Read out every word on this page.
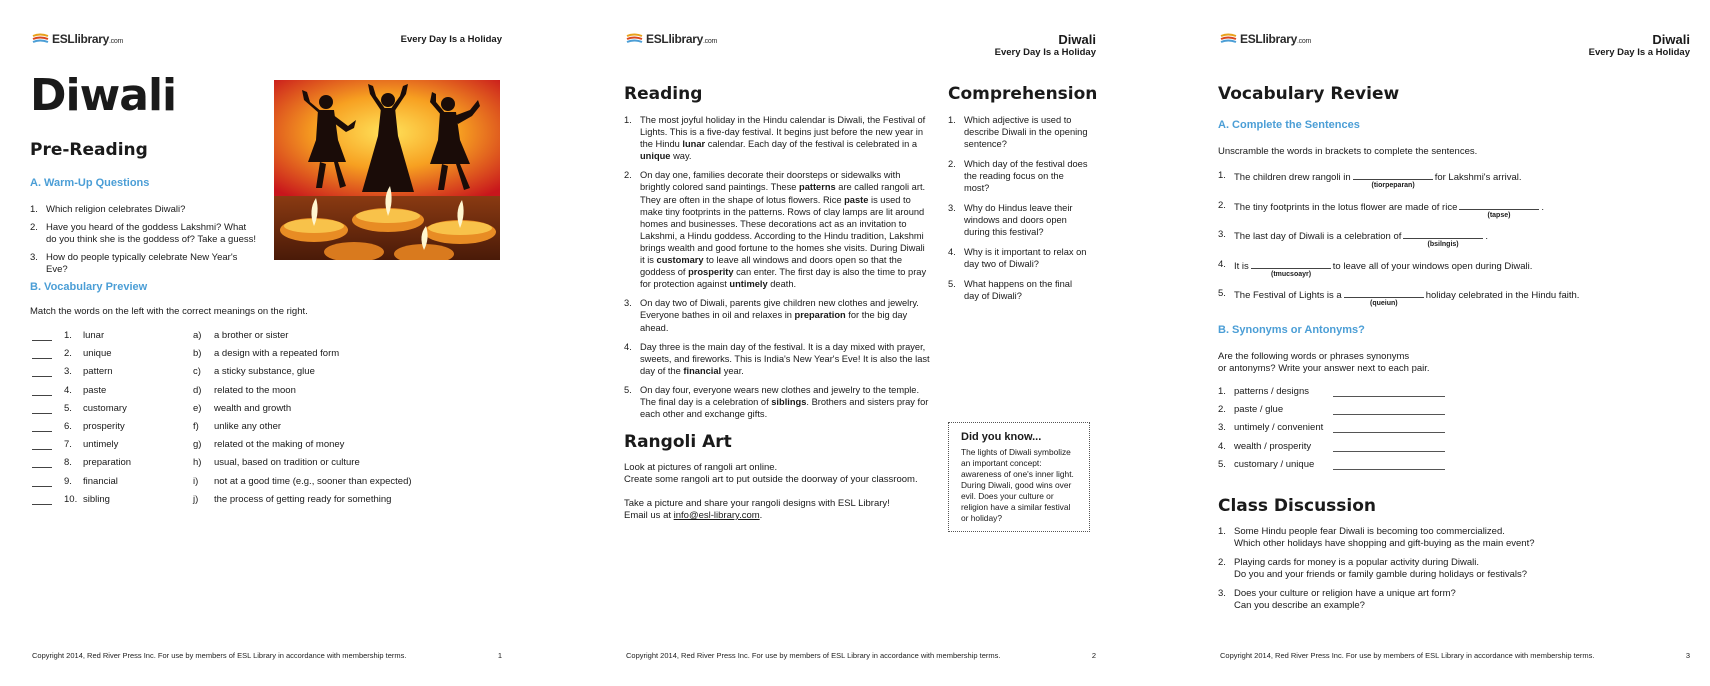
ESLlibrary.com	Every Day Is a Holiday
Diwali
Pre-Reading
A. Warm-Up Questions
1. Which religion celebrates Diwali?
2. Have you heard of the goddess Lakshmi? What do you think she is the goddess of? Take a guess!
3. How do people typically celebrate New Year's Eve?
B. Vocabulary Preview
Match the words on the left with the correct meanings on the right.
1. lunar	a) a brother or sister
2. unique	b) a design with a repeated form
3. pattern	c) a sticky substance, glue
4. paste	d) related to the moon
5. customary	e) wealth and growth
6. prosperity	f) unlike any other
7. untimely	g) related ot the making of money
8. preparation	h) usual, based on tradition or culture
9. financial	i) not at a good time (e.g., sooner than expected)
10. sibling	j) the process of getting ready for something
Copyright 2014, Red River Press Inc. For use by members of ESL Library in accordance with membership terms.	1
ESLlibrary.com	Diwali
Every Day Is a Holiday
Reading
1. The most joyful holiday in the Hindu calendar is Diwali, the Festival of Lights. This is a five-day festival. It begins just before the new year in the Hindu lunar calendar. Each day of the festival is celebrated in a unique way.
2. On day one, families decorate their doorsteps or sidewalks with brightly colored sand paintings. These patterns are called rangoli art. They are often in the shape of lotus flowers. Rice paste is used to make tiny footprints in the patterns. Rows of clay lamps are lit around homes and businesses. These decorations act as an invitation to Lakshmi, a Hindu goddess. According to the Hindu tradition, Lakshmi brings wealth and good fortune to the homes she visits. During Diwali it is customary to leave all windows and doors open so that the goddess of prosperity can enter. The first day is also the time to pray for protection against untimely death.
3. On day two of Diwali, parents give children new clothes and jewelry. Everyone bathes in oil and relaxes in preparation for the big day ahead.
4. Day three is the main day of the festival. It is a day mixed with prayer, sweets, and fireworks. This is India's New Year's Eve! It is also the last day of the financial year.
5. On day four, everyone wears new clothes and jewelry to the temple. The final day is a celebration of siblings. Brothers and sisters pray for each other and exchange gifts.
Comprehension
1. Which adjective is used to describe Diwali in the opening sentence?
2. Which day of the festival does the reading focus on the most?
3. Why do Hindus leave their windows and doors open during this festival?
4. Why is it important to relax on day two of Diwali?
5. What happens on the final day of Diwali?
Rangoli Art
Look at pictures of rangoli art online.
Create some rangoli art to put outside the doorway of your classroom.
Take a picture and share your rangoli designs with ESL Library!
Email us at info@esl-library.com.
Did you know...
The lights of Diwali symbolize an important concept: awareness of one's inner light. During Diwali, good wins over evil. Does your culture or religion have a similar festival or holiday?
Copyright 2014, Red River Press Inc. For use by members of ESL Library in accordance with membership terms.	2
ESLlibrary.com	Diwali
Every Day Is a Holiday
Vocabulary Review
A. Complete the Sentences
Unscramble the words in brackets to complete the sentences.
1. The children drew rangoli in	for Lakshmi's arrival.
(tiorpeparan)
2. The tiny footprints in the lotus flower are made of rice	.
(tapse)
3. The last day of Diwali is a celebration of	.
(bsilngis)
4. It is	to leave all of your windows open during Diwali.
(tmucsoayr)
5. The Festival of Lights is a	holiday celebrated in the Hindu faith.
(queiun)
B. Synonyms or Antonyms?
Are the following words or phrases synonyms
or antonyms? Write your answer next to each pair.
1. patterns / designs
2. paste / glue
3. untimely / convenient
4. wealth / prosperity
5. customary / unique
Class Discussion
1. Some Hindu people fear Diwali is becoming too commercialized.
Which other holidays have shopping and gift-buying as the main event?
2. Playing cards for money is a popular activity during Diwali.
Do you and your friends or family gamble during holidays or festivals?
3. Does your culture or religion have a unique art form?
Can you describe an example?
Copyright 2014, Red River Press Inc. For use by members of ESL Library in accordance with membership terms.	3
